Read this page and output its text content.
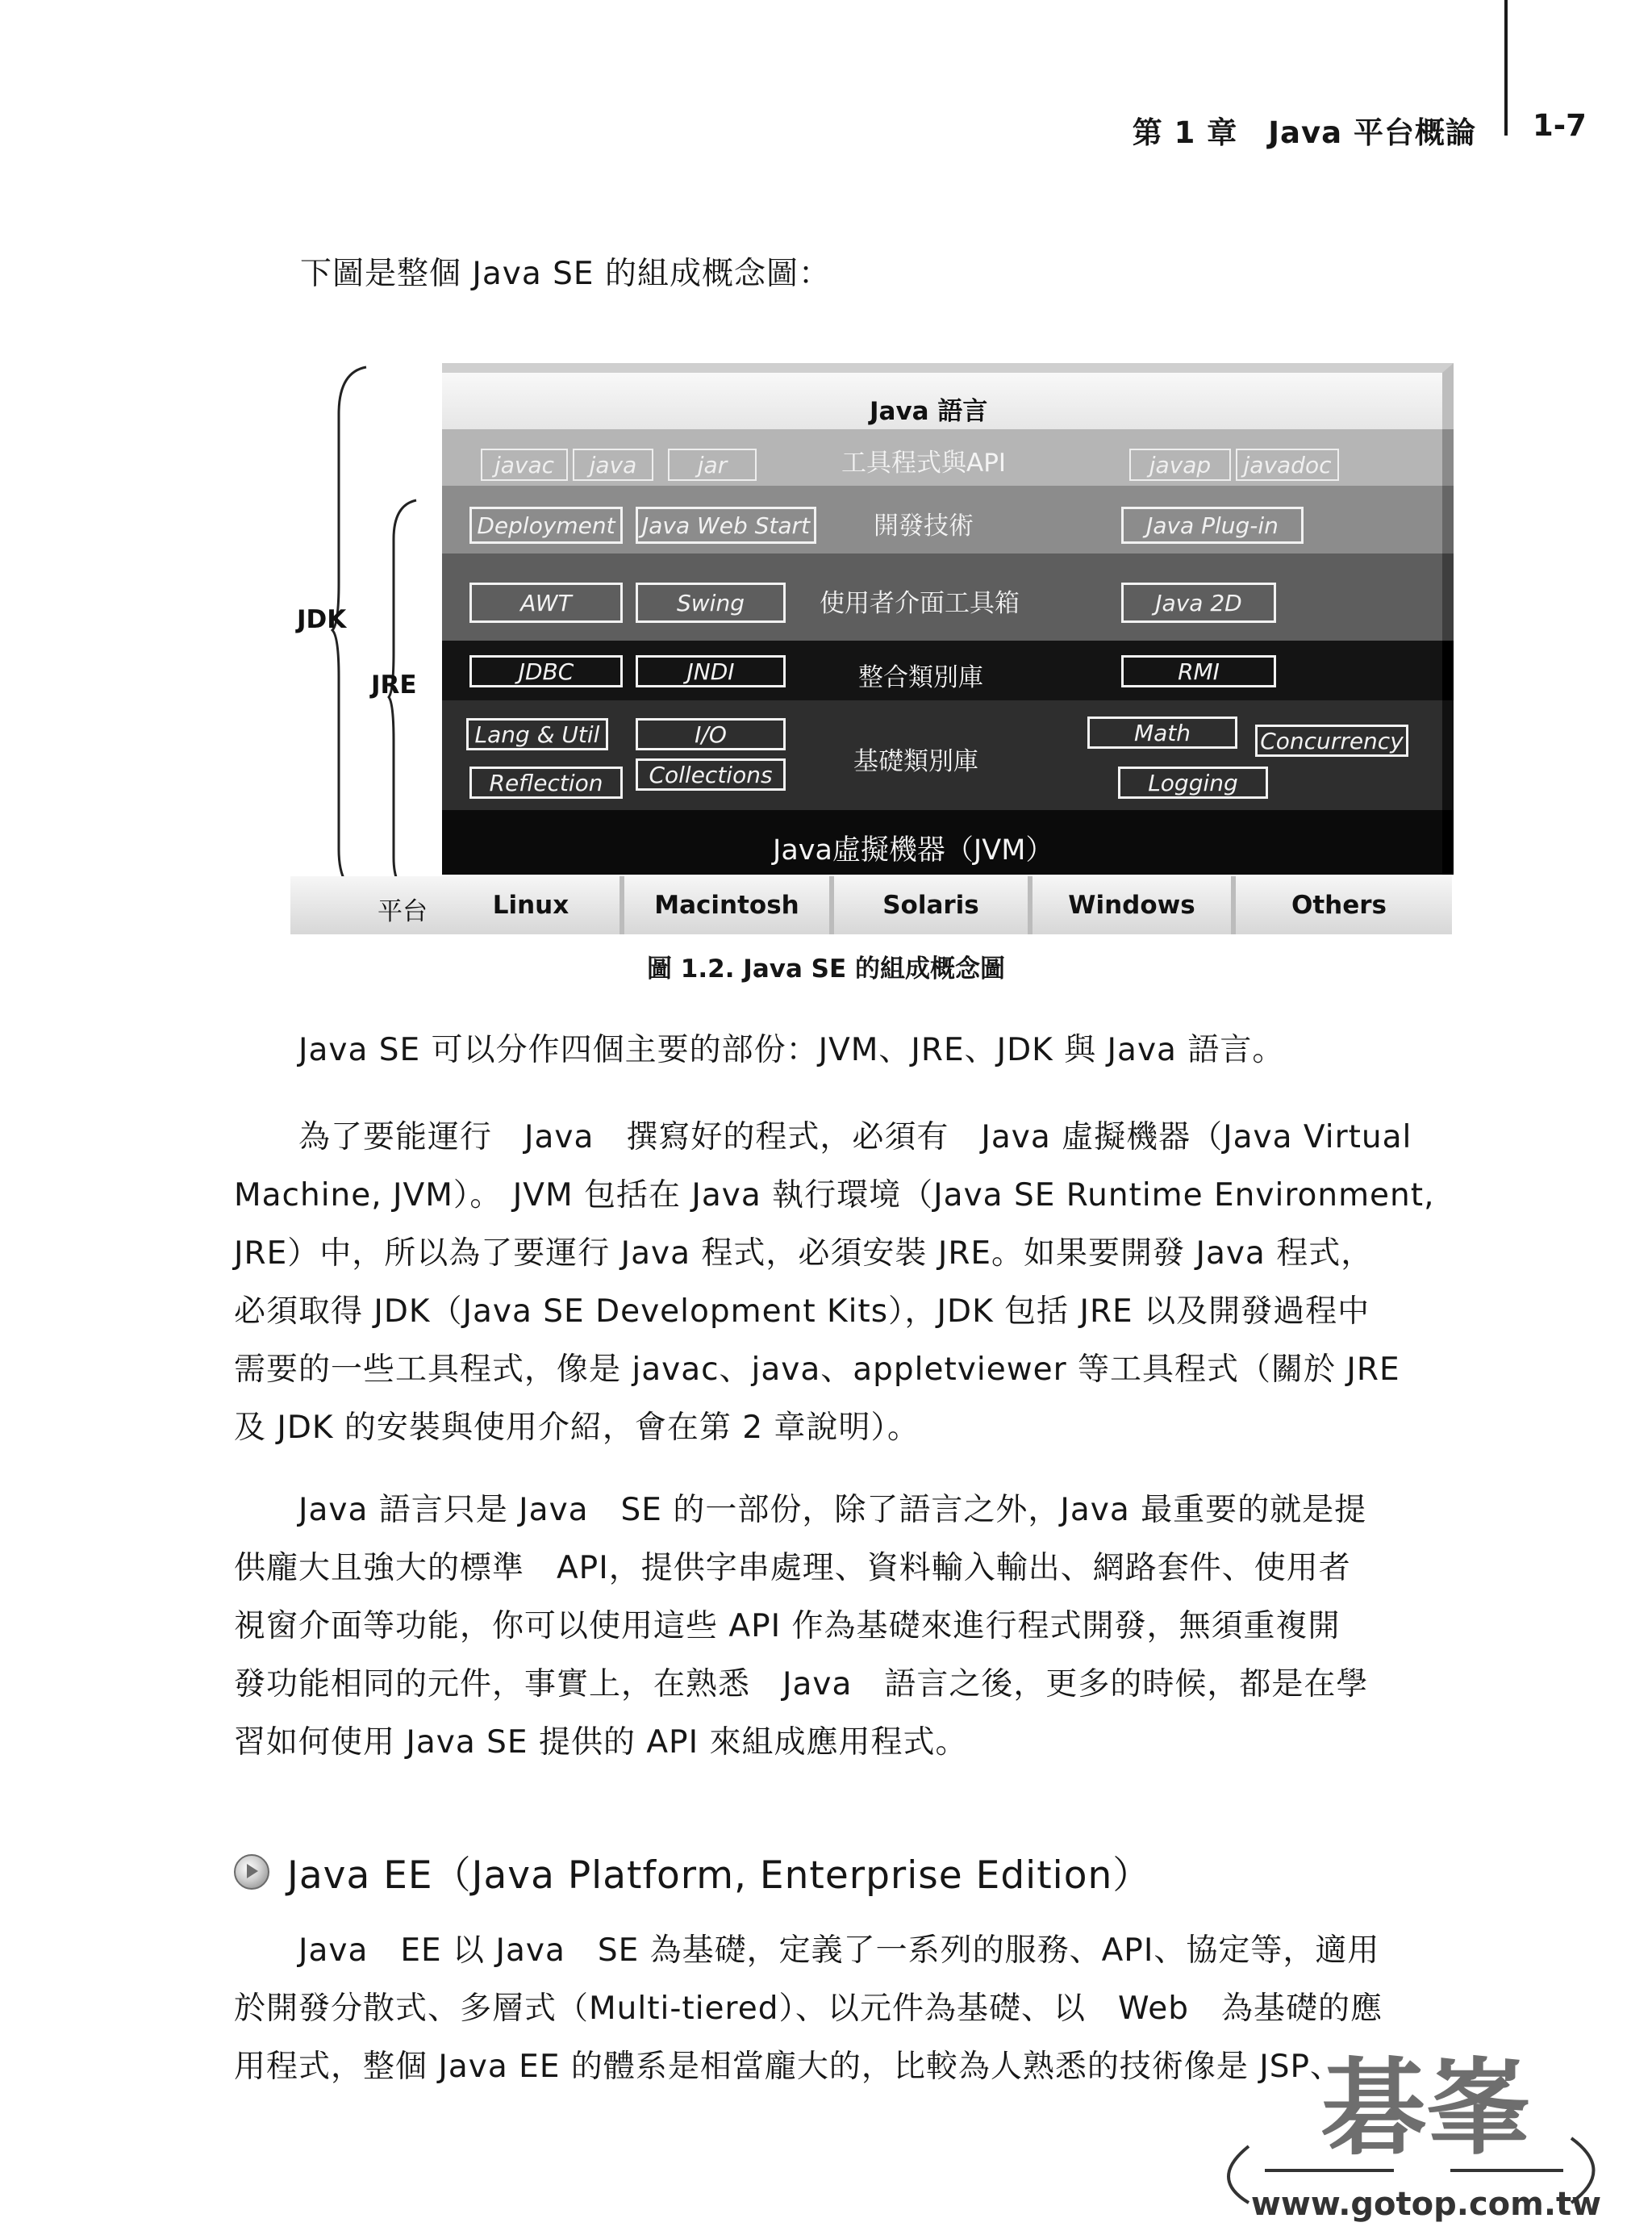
第 1 章　Java 平台概論 1-7
下圖是整個 Java SE 的組成概念圖：
JDK
JRE
Java 語言
工具程式與API
javac	java	jar	javap	javadoc
開發技術
Deployment	Java Web Start	Java Plug-in
使用者介面工具箱
AWT	Swing	Java 2D
整合類別庫
JDBC	JNDI	RMI
基礎類別庫
Lang & Util	I/O	Math	Concurrency
Reflection	Collections	Logging
Java虛擬機器（JVM）
平台	Linux	Macintosh	Solaris	Windows	Others
圖 1.2. Java SE 的組成概念圖
Java SE 可以分作四個主要的部份：JVM、JRE、JDK 與 Java 語言。
為了要能運行　Java　撰寫好的程式，必須有　Java 虛擬機器（Java Virtual
Machine, JVM）。 JVM 包括在 Java 執行環境（Java SE Runtime Environment,
JRE）中，所以為了要運行 Java 程式，必須安裝 JRE。如果要開發 Java 程式，
必須取得 JDK（Java SE Development Kits），JDK 包括 JRE 以及開發過程中
需要的一些工具程式，像是 javac、java、appletviewer 等工具程式（關於 JRE
及 JDK 的安裝與使用介紹，會在第 2 章說明）。
Java 語言只是 Java　SE 的一部份，除了語言之外，Java 最重要的就是提
供龐大且強大的標準　API，提供字串處理、資料輸入輸出、網路套件、使用者
視窗介面等功能，你可以使用這些 API 作為基礎來進行程式開發，無須重複開
發功能相同的元件，事實上，在熟悉　Java　語言之後，更多的時候，都是在學
習如何使用 Java SE 提供的 API 來組成應用程式。
Java EE（Java Platform, Enterprise Edition）
Java　EE 以 Java　SE 為基礎，定義了一系列的服務、API、協定等，適用
於開發分散式、多層式（Multi-tiered）、以元件為基礎、以　Web　為基礎的應
用程式，整個 Java EE 的體系是相當龐大的，比較為人熟悉的技術像是 JSP、
碁峯
www.gotop.com.tw
